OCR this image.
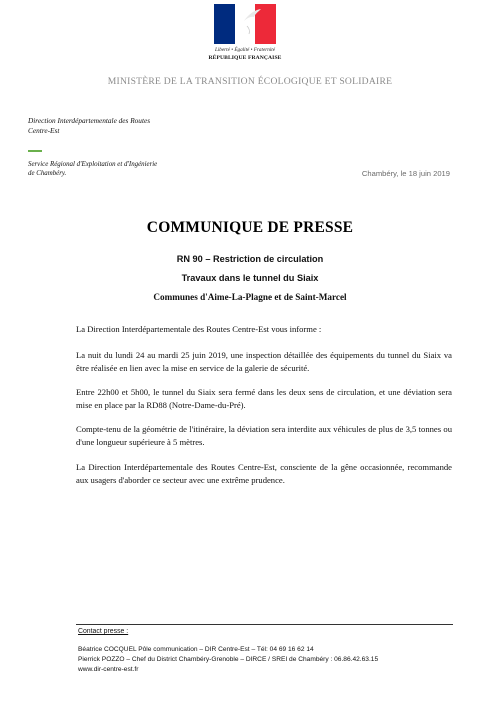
Liberté • Égalité • Fraternité
RÉPUBLIQUE FRANÇAISE
MINISTÈRE DE LA TRANSITION ÉCOLOGIQUE ET SOLIDAIRE
Direction Interdépartementale des Routes
Centre-Est
Service Régional d'Exploitation et d'Ingénierie
de Chambéry.	Chambéry, le 18 juin 2019
COMMUNIQUE DE PRESSE
RN 90 – Restriction de circulation
Travaux dans le tunnel du Siaix
Communes d'Aime-La-Plagne et de Saint-Marcel
La Direction Interdépartementale des Routes Centre-Est vous informe :
La nuit du lundi 24 au mardi 25 juin 2019, une inspection détaillée des équipements du tunnel du Siaix va être réalisée en lien avec la mise en service de la galerie de sécurité.
Entre 22h00 et 5h00, le tunnel du Siaix sera fermé dans les deux sens de circulation, et une déviation sera mise en place par la RD88 (Notre-Dame-du-Pré).
Compte-tenu de la géométrie de l'itinéraire, la déviation sera interdite aux véhicules de plus de 3,5 tonnes ou d'une longueur supérieure à 5 mètres.
La Direction Interdépartementale des Routes Centre-Est, consciente de la gêne occasionnée, recommande aux usagers d'aborder ce secteur avec une extrême prudence.
Contact presse :
Béatrice COCQUEL Pôle communication – DIR Centre-Est – Tél: 04 69 16 62 14
Pierrick POZZO – Chef du District Chambéry-Grenoble – DIRCE / SREI de Chambéry : 06.86.42.63.15
www.dir-centre-est.fr
